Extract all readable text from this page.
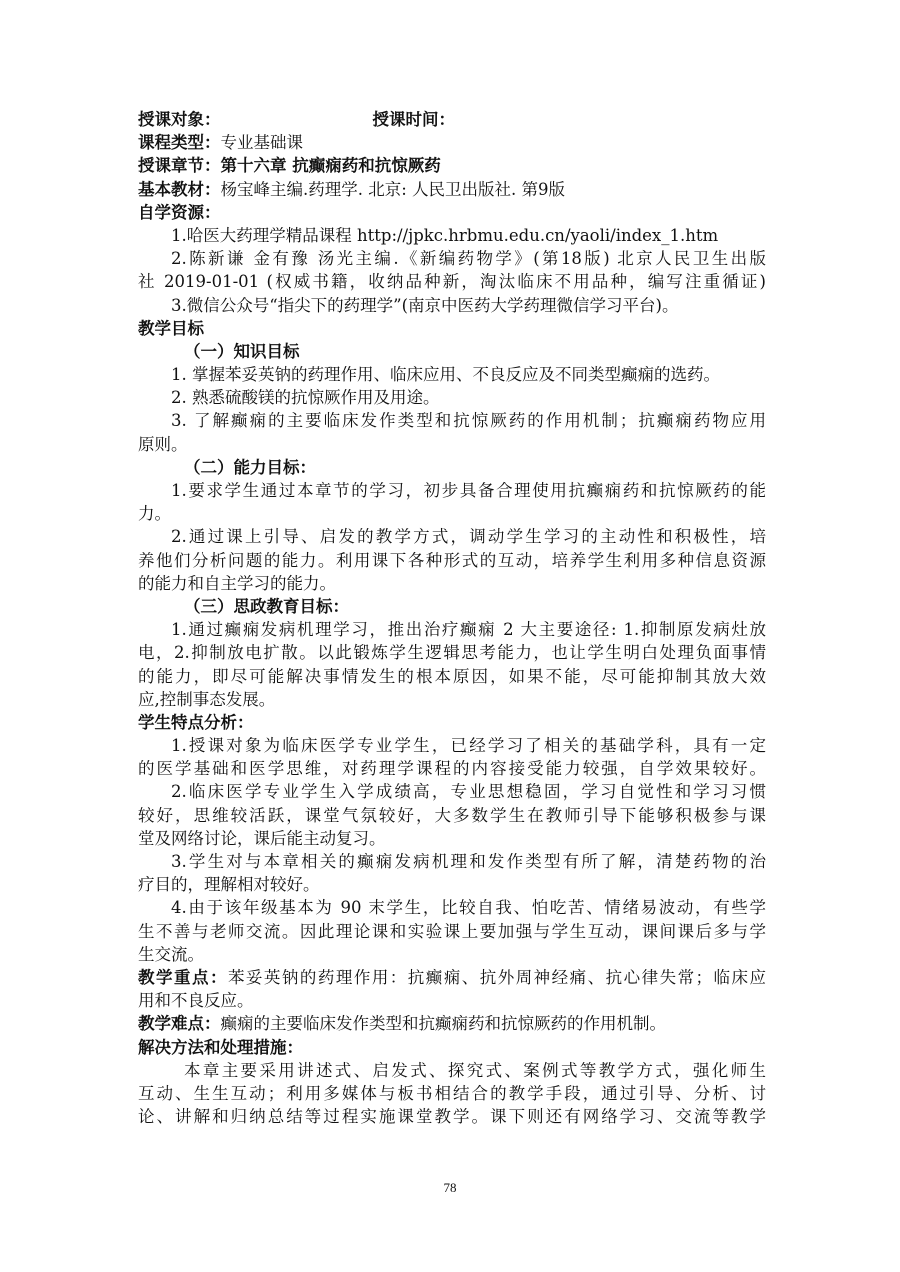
授课对象：	授课时间：
课程类型：专业基础课
授课章节：第十六章 抗癫痫药和抗惊厥药
基本教材：杨宝峰主编.药理学. 北京: 人民卫出版社. 第9版
自学资源：
1.哈医大药理学精品课程 http://jpkc.hrbmu.edu.cn/yaoli/index_1.htm
2.陈新谦 金有豫 汤光主编.《新编药物学》(第18版) 北京人民卫生出版
社 2019-01-01 (权威书籍，收纳品种新，淘汰临床不用品种，编写注重循证)
3.微信公众号“指尖下的药理学”(南京中医药大学药理微信学习平台)。
教学目标
（一）知识目标
1. 掌握苯妥英钠的药理作用、临床应用、不良反应及不同类型癫痫的选药。
2. 熟悉硫酸镁的抗惊厥作用及用途。
3. 了解癫痫的主要临床发作类型和抗惊厥药的作用机制；抗癫痫药物应用
原则。
（二）能力目标：
1.要求学生通过本章节的学习，初步具备合理使用抗癫痫药和抗惊厥药的能
力。
2.通过课上引导、启发的教学方式，调动学生学习的主动性和积极性，培
养他们分析问题的能力。利用课下各种形式的互动，培养学生利用多种信息资源
的能力和自主学习的能力。
（三）思政教育目标：
1.通过癫痫发病机理学习，推出治疗癫痫 2 大主要途径: 1.抑制原发病灶放
电，2.抑制放电扩散。以此锻炼学生逻辑思考能力，也让学生明白处理负面事情
的能力，即尽可能解决事情发生的根本原因，如果不能，尽可能抑制其放大效
应,控制事态发展。
学生特点分析：
1.授课对象为临床医学专业学生，已经学习了相关的基础学科，具有一定
的医学基础和医学思维，对药理学课程的内容接受能力较强，自学效果较好。
2.临床医学专业学生入学成绩高，专业思想稳固，学习自觉性和学习习惯
较好，思维较活跃，课堂气氛较好，大多数学生在教师引导下能够积极参与课
堂及网络讨论，课后能主动复习。
3.学生对与本章相关的癫痫发病机理和发作类型有所了解，清楚药物的治
疗目的，理解相对较好。
4.由于该年级基本为 90 末学生，比较自我、怕吃苦、情绪易波动，有些学
生不善与老师交流。因此理论课和实验课上要加强与学生互动，课间课后多与学
生交流。
教学重点：苯妥英钠的药理作用：抗癫痫、抗外周神经痛、抗心律失常；临床应
用和不良反应。
教学难点：癫痫的主要临床发作类型和抗癫痫药和抗惊厥药的作用机制。
解决方法和处理措施：
本章主要采用讲述式、启发式、探究式、案例式等教学方式，强化师生
互动、生生互动；利用多媒体与板书相结合的教学手段，通过引导、分析、讨
论、讲解和归纳总结等过程实施课堂教学。课下则还有网络学习、交流等教学
78
